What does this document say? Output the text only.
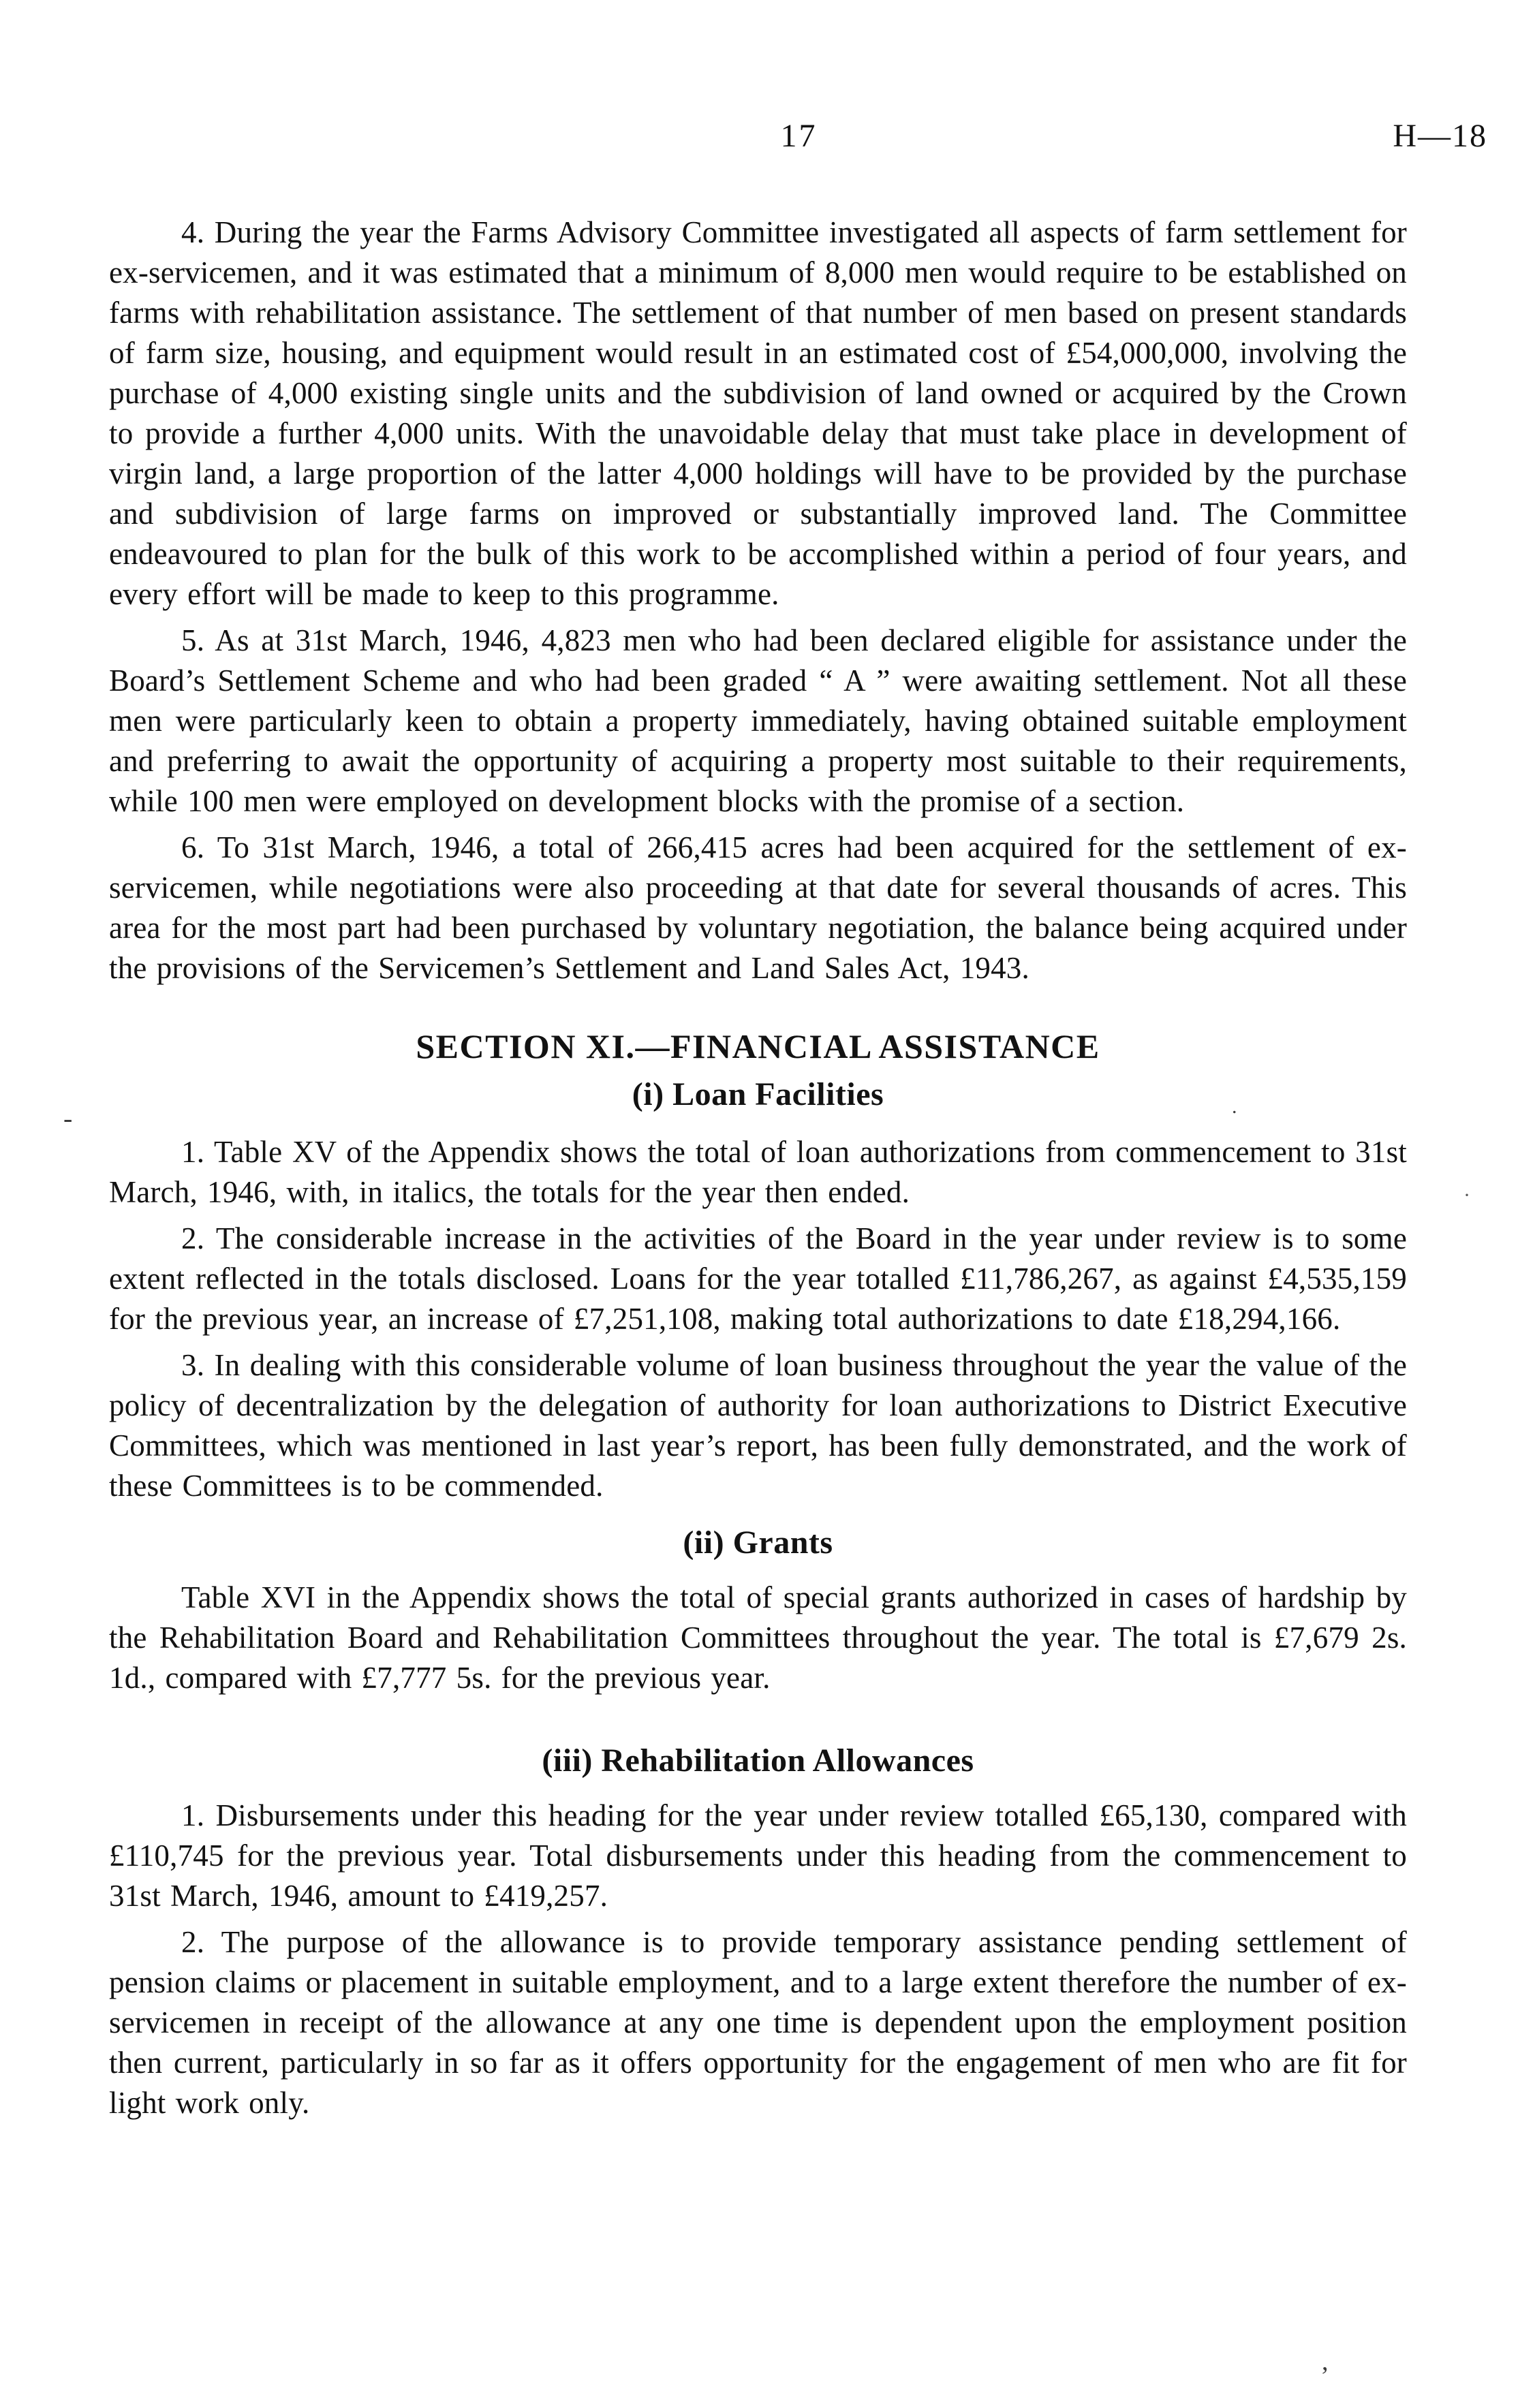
17	H—18

4. During the year the Farms Advisory Committee investigated all aspects of farm settlement for ex-servicemen, and it was estimated that a minimum of 8,000 men would require to be established on farms with rehabilitation assistance. The settlement of that number of men based on present standards of farm size, housing, and equipment would result in an estimated cost of £54,000,000, involving the purchase of 4,000 existing single units and the subdivision of land owned or acquired by the Crown to provide a further 4,000 units. With the unavoidable delay that must take place in development of virgin land, a large proportion of the latter 4,000 holdings will have to be provided by the purchase and subdivision of large farms on improved or substantially improved land. The Committee endeavoured to plan for the bulk of this work to be accomplished within a period of four years, and every effort will be made to keep to this programme.

5. As at 31st March, 1946, 4,823 men who had been declared eligible for assistance under the Board’s Settlement Scheme and who had been graded “ A ” were awaiting settlement. Not all these men were particularly keen to obtain a property immediately, having obtained suitable employment and preferring to await the opportunity of acquiring a property most suitable to their requirements, while 100 men were employed on development blocks with the promise of a section.

6. To 31st March, 1946, a total of 266,415 acres had been acquired for the settlement of ex-servicemen, while negotiations were also proceeding at that date for several thousands of acres. This area for the most part had been purchased by voluntary negotiation, the balance being acquired under the provisions of the Servicemen’s Settlement and Land Sales Act, 1943.

SECTION XI.—FINANCIAL ASSISTANCE
(i) Loan Facilities

1. Table XV of the Appendix shows the total of loan authorizations from commencement to 31st March, 1946, with, in italics, the totals for the year then ended.

2. The considerable increase in the activities of the Board in the year under review is to some extent reflected in the totals disclosed. Loans for the year totalled £11,786,267, as against £4,535,159 for the previous year, an increase of £7,251,108, making total authorizations to date £18,294,166.

3. In dealing with this considerable volume of loan business throughout the year the value of the policy of decentralization by the delegation of authority for loan authorizations to District Executive Committees, which was mentioned in last year’s report, has been fully demonstrated, and the work of these Committees is to be commended.

(ii) Grants

Table XVI in the Appendix shows the total of special grants authorized in cases of hardship by the Rehabilitation Board and Rehabilitation Committees throughout the year. The total is £7,679 2s. 1d., compared with £7,777 5s. for the previous year.

(iii) Rehabilitation Allowances

1. Disbursements under this heading for the year under review totalled £65,130, compared with £110,745 for the previous year. Total disbursements under this heading from the commencement to 31st March, 1946, amount to £419,257.

2. The purpose of the allowance is to provide temporary assistance pending settlement of pension claims or placement in suitable employment, and to a large extent therefore the number of ex-servicemen in receipt of the allowance at any one time is dependent upon the employment position then current, particularly in so far as it offers opportunity for the engagement of men who are fit for light work only.

-	.
·
,
